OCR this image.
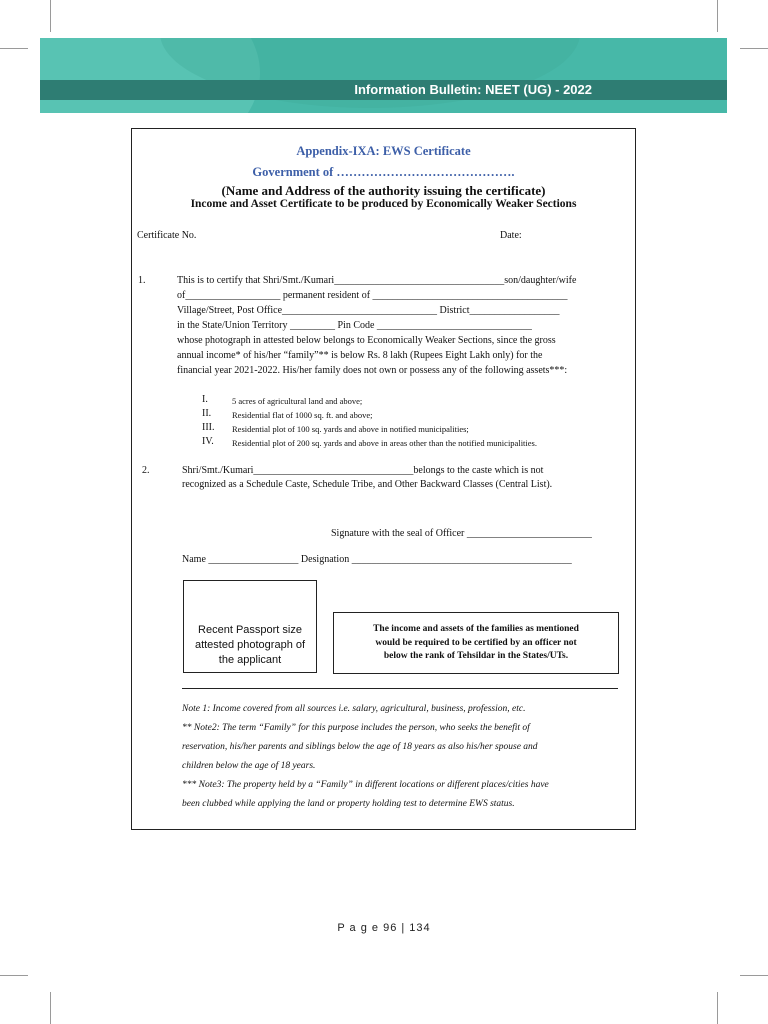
Information Bulletin: NEET (UG) - 2022
Appendix-IXA: EWS Certificate
Government of …………………………………….
(Name and Address of the authority issuing the certificate)
Income and Asset Certificate to be produced by Economically Weaker Sections
Certificate No.	Date:
1.	This is to certify that Shri/Smt./Kumari__________________________________son/daughter/wife
of___________________ permanent resident of _______________________________________
Village/Street, Post Office_______________________________ District__________________
in the State/Union Territory _________ Pin Code _______________________________
whose photograph in attested below belongs to Economically Weaker Sections, since the gross
annual income* of his/her “family”** is below Rs. 8 lakh (Rupees Eight Lakh only) for the
financial year 2021-2022. His/her family does not own or possess any of the following assets***:
I.	5 acres of agricultural land and above;
II. Residential flat of 1000 sq. ft. and above;
III. Residential plot of 100 sq. yards and above in notified municipalities;
IV. Residential plot of 200 sq. yards and above in areas other than the notified municipalities.
2.	Shri/Smt./Kumari________________________________belongs to the caste which is not
recognized as a Schedule Caste, Schedule Tribe, and Other Backward Classes (Central List).
Signature with the seal of Officer _________________________
Name __________________ Designation ____________________________________________
Recent Passport size
attested photograph of
the applicant
The income and assets of the families as mentioned
would be required to be certified by an officer not
below the rank of Tehsildar in the States/UTs.
Note 1: Income covered from all sources i.e. salary, agricultural, business, profession, etc.
** Note2: The term “Family” for this purpose includes the person, who seeks the benefit of
reservation, his/her parents and siblings below the age of 18 years as also his/her spouse and
children below the age of 18 years.
*** Note3: The property held by a “Family” in different locations or different places/cities have
been clubbed while applying the land or property holding test to determine EWS status.
P a g e 96 | 134
